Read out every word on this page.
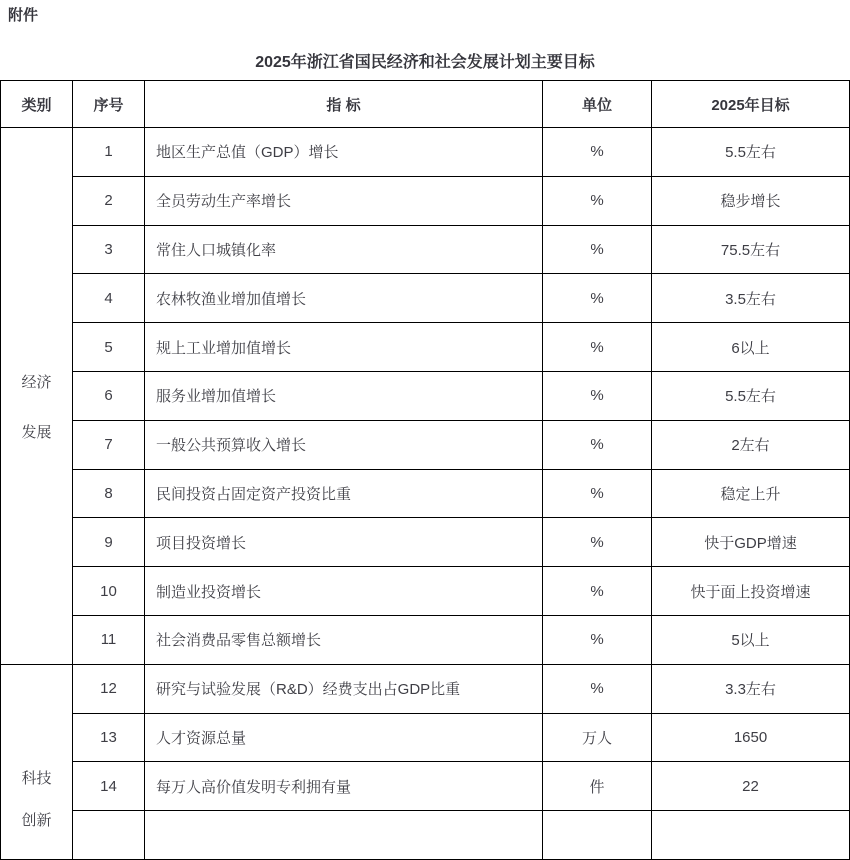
附件
2025年浙江省国民经济和社会发展计划主要目标
类别	序号	指 标	单位	2025年目标

经济
发展	1	地区生产总值（GDP）增长	%	5.5左右
	2	全员劳动生产率增长	%	稳步增长
	3	常住人口城镇化率	%	75.5左右
	4	农林牧渔业增加值增长	%	3.5左右
	5	规上工业增加值增长	%	6以上
	6	服务业增加值增长	%	5.5左右
	7	一般公共预算收入增长	%	2左右
	8	民间投资占固定资产投资比重	%	稳定上升
	9	项目投资增长	%	快于GDP增速
	10	制造业投资增长	%	快于面上投资增速
	11	社会消费品零售总额增长	%	5以上

科技
创新	12	研究与试验发展（R&D）经费支出占GDP比重	%	3.3左右
	13	人才资源总量	万人	1650
	14	每万人高价值发明专利拥有量	件	22
